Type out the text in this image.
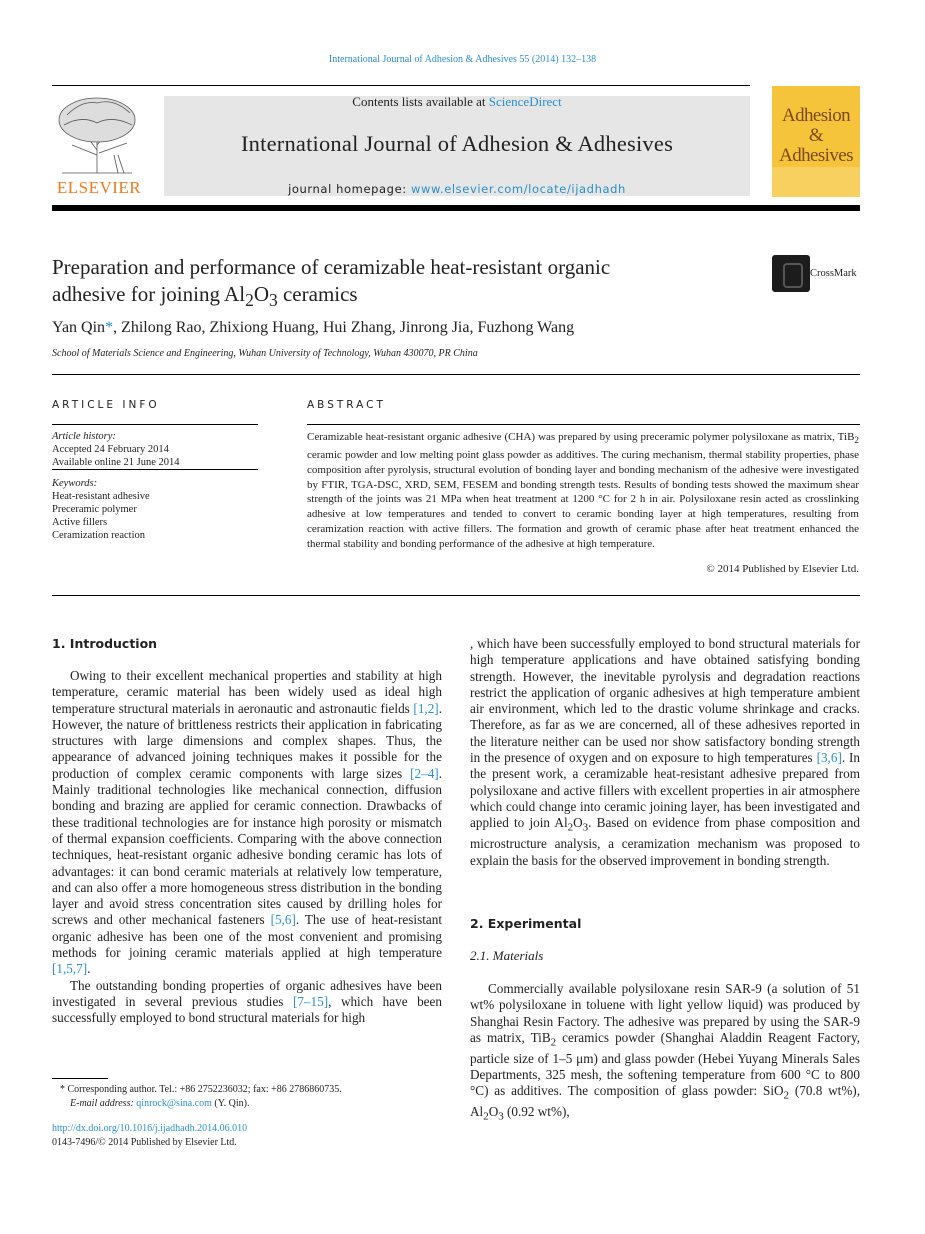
International Journal of Adhesion & Adhesives 55 (2014) 132–138
ELSEVIER
Contents lists available at ScienceDirect
International Journal of Adhesion & Adhesives
journal homepage: www.elsevier.com/locate/ijadhadh

Adhesion &
Adhesives
Preparation and performance of ceramizable heat-resistant organic
adhesive for joining $Al_2O_3$ ceramics
CrossMark
Yan Qin*, Zhilong Rao, Zhixiong Huang, Hui Zhang, Jinrong Jia, Fuzhong Wang
School of Materials Science and Engineering, Wuhan University of Technology, Wuhan 430070, PR China
ARTICLE INFO
Article history:
Accepted 24 February 2014
Available online 21 June 2014
Keywords:
Heat-resistant adhesive
Preceramic polymer
Active fillers
Ceramization reaction
ABSTRACT
Ceramizable heat-resistant organic adhesive (CHA) was prepared by using preceramic polymer polysiloxane as matrix, TiB$_2$ ceramic powder and low melting point glass powder as additives. The curing mechanism, thermal stability properties, phase composition after pyrolysis, structural evolution of bonding layer and bonding mechanism of the adhesive were investigated by FTIR, TGA-DSC, XRD, SEM, FESEM and bonding strength tests. Results of bonding tests showed the maximum shear strength of the joints was 21 MPa when heat treatment at 1200 °C for 2 h in air. Polysiloxane resin acted as crosslinking adhesive at low temperatures and tended to convert to ceramic bonding layer at high temperatures, resulting from ceramization reaction with active fillers. The formation and growth of ceramic phase after heat treatment enhanced the thermal stability and bonding performance of the adhesive at high temperature.
© 2014 Published by Elsevier Ltd.
1. Introduction

Owing to their excellent mechanical properties and stability at high temperature, ceramic material has been widely used as ideal high temperature structural materials in aeronautic and astronautic fields [1,2]. However, the nature of brittleness restricts their application in fabricating structures with large dimensions and complex shapes. Thus, the appearance of advanced joining techniques makes it possible for the production of complex ceramic components with large sizes [2–4]. Mainly traditional technologies like mechanical connection, diffusion bonding and brazing are applied for ceramic connection. Drawbacks of these traditional technologies are for instance high porosity or mismatch of thermal expansion coefficients. Comparing with the above connection techniques, heat-resistant organic adhesive bonding ceramic has lots of advantages: it can bond ceramic materials at relatively low temperature, and can also offer a more homogeneous stress distribution in the bonding layer and avoid stress concentration sites caused by drilling holes for screws and other mechanical fasteners [5,6]. The use of heat-resistant organic adhesive has been one of the most convenient and promising methods for joining ceramic materials applied at high temperature [1,5,7].

The outstanding bonding properties of organic adhesives have been investigated in several previous studies [7–15], which have been successfully employed to bond structural materials for high

* Corresponding author. Tel.: +86 2752236032; fax: +86 2786860735.
E-mail address: qinrock@sina.com (Y. Qin).
http://dx.doi.org/10.1016/j.ijadhadh.2014.06.010
0143-7496/© 2014 Published by Elsevier Ltd.

, which have been successfully employed to bond structural materials for high temperature applications and have obtained satisfying bonding strength. However, the inevitable pyrolysis and degradation reactions restrict the application of organic adhesives at high temperature ambient air environment, which led to the drastic volume shrinkage and cracks. Therefore, as far as we are concerned, all of these adhesives reported in the literature neither can be used nor show satisfactory bonding strength in the presence of oxygen and on exposure to high temperatures [3,6]. In the present work, a ceramizable heat-resistant adhesive prepared from polysiloxane and active fillers with excellent properties in air atmosphere which could change into ceramic joining layer, has been investigated and applied to join $Al_2O_3$. Based on evidence from phase composition and microstructure analysis, a ceramization mechanism was proposed to explain the basis for the observed improvement in bonding strength.

2. Experimental
2.1. Materials

Commercially available polysiloxane resin SAR-9 (a solution of 51 wt% polysiloxane in toluene with light yellow liquid) was produced by Shanghai Resin Factory. The adhesive was prepared by using the SAR-9 as matrix, TiB$_2$ ceramics powder (Shanghai Aladdin Reagent Factory, particle size of 1–5 μm) and glass powder (Hebei Yuyang Minerals Sales Departments, 325 mesh, the softening temperature from 600 °C to 800 °C) as additives. The composition of glass powder: SiO$_2$ (70.8 wt%), $Al_2O_3$ (0.92 wt%),
